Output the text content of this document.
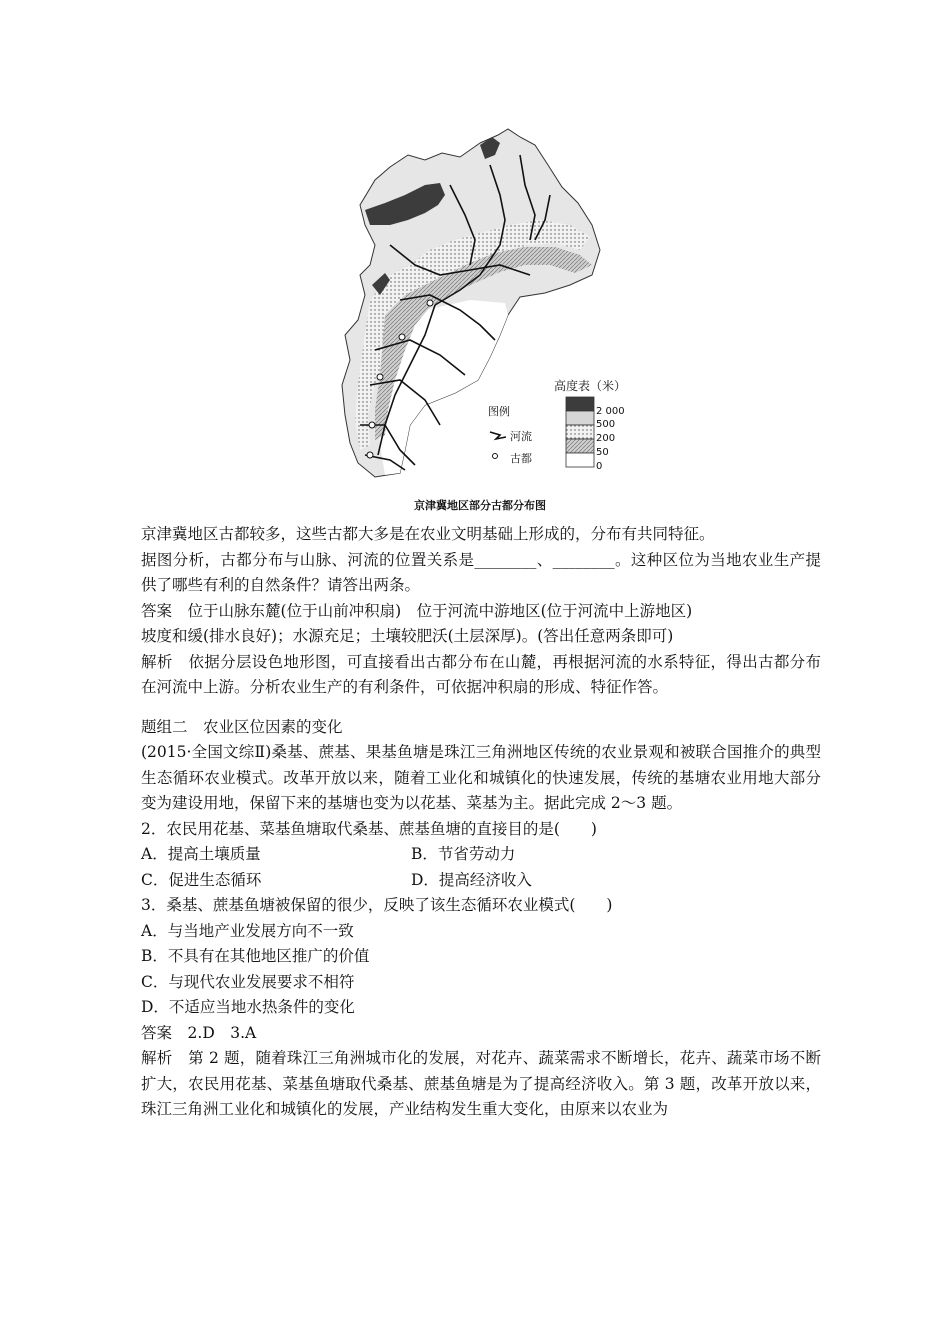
高度表（米）
2 000
500
200
50
0
图例
河流
古都
京津冀地区部分古都分布图
京津冀地区古都较多，这些古都大多是在农业文明基础上形成的，分布有共同特征。
据图分析，古都分布与山脉、河流的位置关系是________、________。这种区位为当地农业生产提供了哪些有利的自然条件？请答出两条。
答案　 位于山脉东麓(位于山前冲积扇)　位于河流中游地区(位于河流中上游地区)
坡度和缓(排水良好)；水源充足；土壤较肥沃(土层深厚)。(答出任意两条即可)
解析　 依据分层设色地形图，可直接看出古都分布在山麓，再根据河流的水系特征，得出古都分布在河流中上游。分析农业生产的有利条件，可依据冲积扇的形成、特征作答。
题组二　农业区位因素的变化
(2015·全国文综Ⅱ)桑基、蔗基、果基鱼塘是珠江三角洲地区传统的农业景观和被联合国推介的典型生态循环农业模式。改革开放以来，随着工业化和城镇化的快速发展，传统的基塘农业用地大部分变为建设用地，保留下来的基塘也变为以花基、菜基为主。据此完成 2～3 题。
2．农民用花基、菜基鱼塘取代桑基、蔗基鱼塘的直接目的是(　　)
A．提高土壤质量	B．节省劳动力
C．促进生态循环	D．提高经济收入
3．桑基、蔗基鱼塘被保留的很少，反映了该生态循环农业模式(　　)
A．与当地产业发展方向不一致
B．不具有在其他地区推广的价值
C．与现代农业发展要求不相符
D．不适应当地水热条件的变化
答案　 2.D　3.A
解析　 第 2 题，随着珠江三角洲城市化的发展，对花卉、蔬菜需求不断增长，花卉、蔬菜市场不断扩大，农民用花基、菜基鱼塘取代桑基、蔗基鱼塘是为了提高经济收入。第 3 题，改革开放以来，珠江三角洲工业化和城镇化的发展，产业结构发生重大变化，由原来以农业为
